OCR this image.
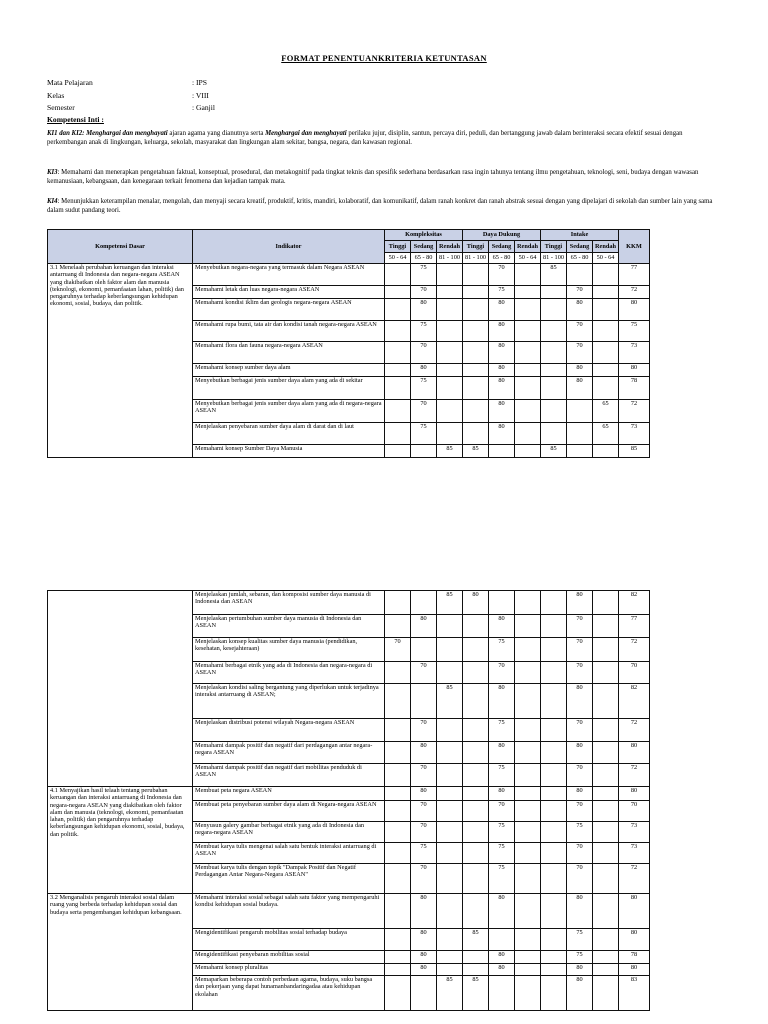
FORMAT PENENTUANKRITERIA KETUNTASAN
Mata Pelajaran	: IPS
Kelas	: VIII
Semester	: Ganjil
Kompetensi Inti :
KI1 dan KI2: Menghargai dan menghayati ajaran agama yang dianutnya serta Menghargai dan menghayati perilaku jujur, disiplin, santun, percaya diri, peduli, dan bertanggung jawab dalam berinteraksi secara efektif sesuai dengan perkembangan anak di lingkungan, keluarga, sekolah, masyarakat dan lingkungan alam sekitar, bangsa, negara, dan kawasan regional.
KI3: Memahami dan menerapkan pengetahuan faktual, konseptual, prosedural, dan metakognitif pada tingkat teknis dan spesifik sederhana berdasarkan rasa ingin tahunya tentang ilmu pengetahuan, teknologi, seni, budaya dengan wawasan kemanusiaan, kebangsaan, dan kenegaraan terkait fenomena dan kejadian tampak mata.
KI4: Menunjukkan keterampilan menalar, mengolah, dan menyaji secara kreatif, produktif, kritis, mandiri, kolaboratif, dan komunikatif, dalam ranah konkret dan ranah abstrak sesuai dengan yang dipelajari di sekolah dan sumber lain yang sama dalam sudut pandang teori.
Kompetensi Dasar	Indikator	Kompleksitas			Daya Dukung			Intake			KKM
		Tinggi	Sedang	Rendah	Tinggi	Sedang	Rendah	Tinggi	Sedang	Rendah	
		50 - 64	65 - 80	81 - 100	81 - 100	65 - 80	50 - 64	81 - 100	65 - 80	50 - 64	
3.1 Menelaah perubahan keruangan dan interaksi antarruang di Indonesia dan negara-negara ASEAN yang diakibatkan oleh faktor alam dan manusia (teknologi, ekonomi, pemanfaatan lahan, politik) dan pengaruhnya terhadap keberlangsungan kehidupan ekonomi, sosial, budaya, dan politik.	Menyebutkan negara-negara yang termasuk dalam Negara ASEAN		75			70		85			77
	Memahami letak dan luas negara-negara ASEAN		70			75			70		72
	Memahami kondisi iklim dan geologis negara-negara ASEAN		80			80			80		80
	Memahami rupa bumi, tata air dan kondisi tanah negara-negara ASEAN		75			80			70		75
	Memahami flora dan fauna negara-negara ASEAN		70			80			70		73
	Memahami konsep sumber daya alam		80			80			80		80
	Menyebutkan berbagai jenis sumber daya alam yang ada di sekitar		75			80			80		78
	Menyebutkan berbagai jenis sumber daya alam yang ada di negara-negara ASEAN		70			80				65	72
	Menjelaskan penyebaran sumber daya alam di darat dan di laut		75			80				65	73
	Memahami konsep Sumber Daya Manusia			85	85			85			85
	Menjelaskan jumlah, sebaran, dan komposisi sumber daya manusia di Indonesia dan ASEAN			85	80				80		82
	Menjelaskan pertumbuhan sumber daya manusia di Indonesia dan ASEAN		80			80			70		77
	Menjelaskan konsep kualitas sumber daya manusia (pendidikan, kesehatan, kesejahteraan)	70				75			70		72
	Memahami berbagai etnik yang ada di Indonesia dan negara-negara di ASEAN		70			70			70		70
	Menjelaskan kondisi saling bergantung yang diperlukan untuk terjadinya interaksi antarruang di ASEAN;			85		80			80		82
	Menjelaskan distribusi potensi wilayah Negara-negara ASEAN		70			75			70		72
	Memahami dampak positif dan negatif dari perdagangan antar negara-negara ASEAN		80			80			80		80
	Memahami dampak positif dan negatif dari mobilitas penduduk di ASEAN		70			75			70		72
4.1 Menyajikan hasil telaah tentang perubahan keruangan dan interaksi antarruang di Indonesia dan negara-negara ASEAN yang diakibatkan oleh faktor alam dan manusia (teknologi, ekonomi, pemanfaatan lahan, politik) dan pengaruhnya terhadap keberlangsungan kehidupan ekonomi, sosial, budaya, dan politik.	Membuat peta negara ASEAN		80			80			80		80
	Membuat peta penyebaran sumber daya alam di Negara-negara ASEAN		70			70			70		70
	Menyusun galery gambar berbagai etnik yang ada di Indonesia dan negara-negara ASEAN		70			75			75		73
	Membuat karya tulis mengenai salah satu bentuk interaksi antarruang di ASEAN		75			75			70		73
	Membuat karya tulis dengan topik "Dampak Positif dan Negatif Perdagangan Antar Negara-Negara ASEAN"		70			75			70		72
3.2 Menganalisis pengaruh interaksi sosial dalam ruang yang berbeda terhadap kehidupan sosial dan budaya serta pengembangan kehidupan kebangsaan.	Memahami interaksi sosial sebagai salah satu faktor yang mempengaruhi kondisi kehidupan sosial budaya.		80			80			80		80
	Mengidentifikasi pengaruh mobilitas sosial terhadap budaya		80		85				75		80
	Mengidentifikasi penyebaran mobilitas sosial		80			80			75		78
	Memahami konsep pluralitas		80			80			80		80
	Memaparkan beberapa contoh perbedaan agama, budaya, suku bangsa dan pekerjaan yang dapat hunamanbandaringadaa atau kehidupan ekolahan			85	85				80		83
